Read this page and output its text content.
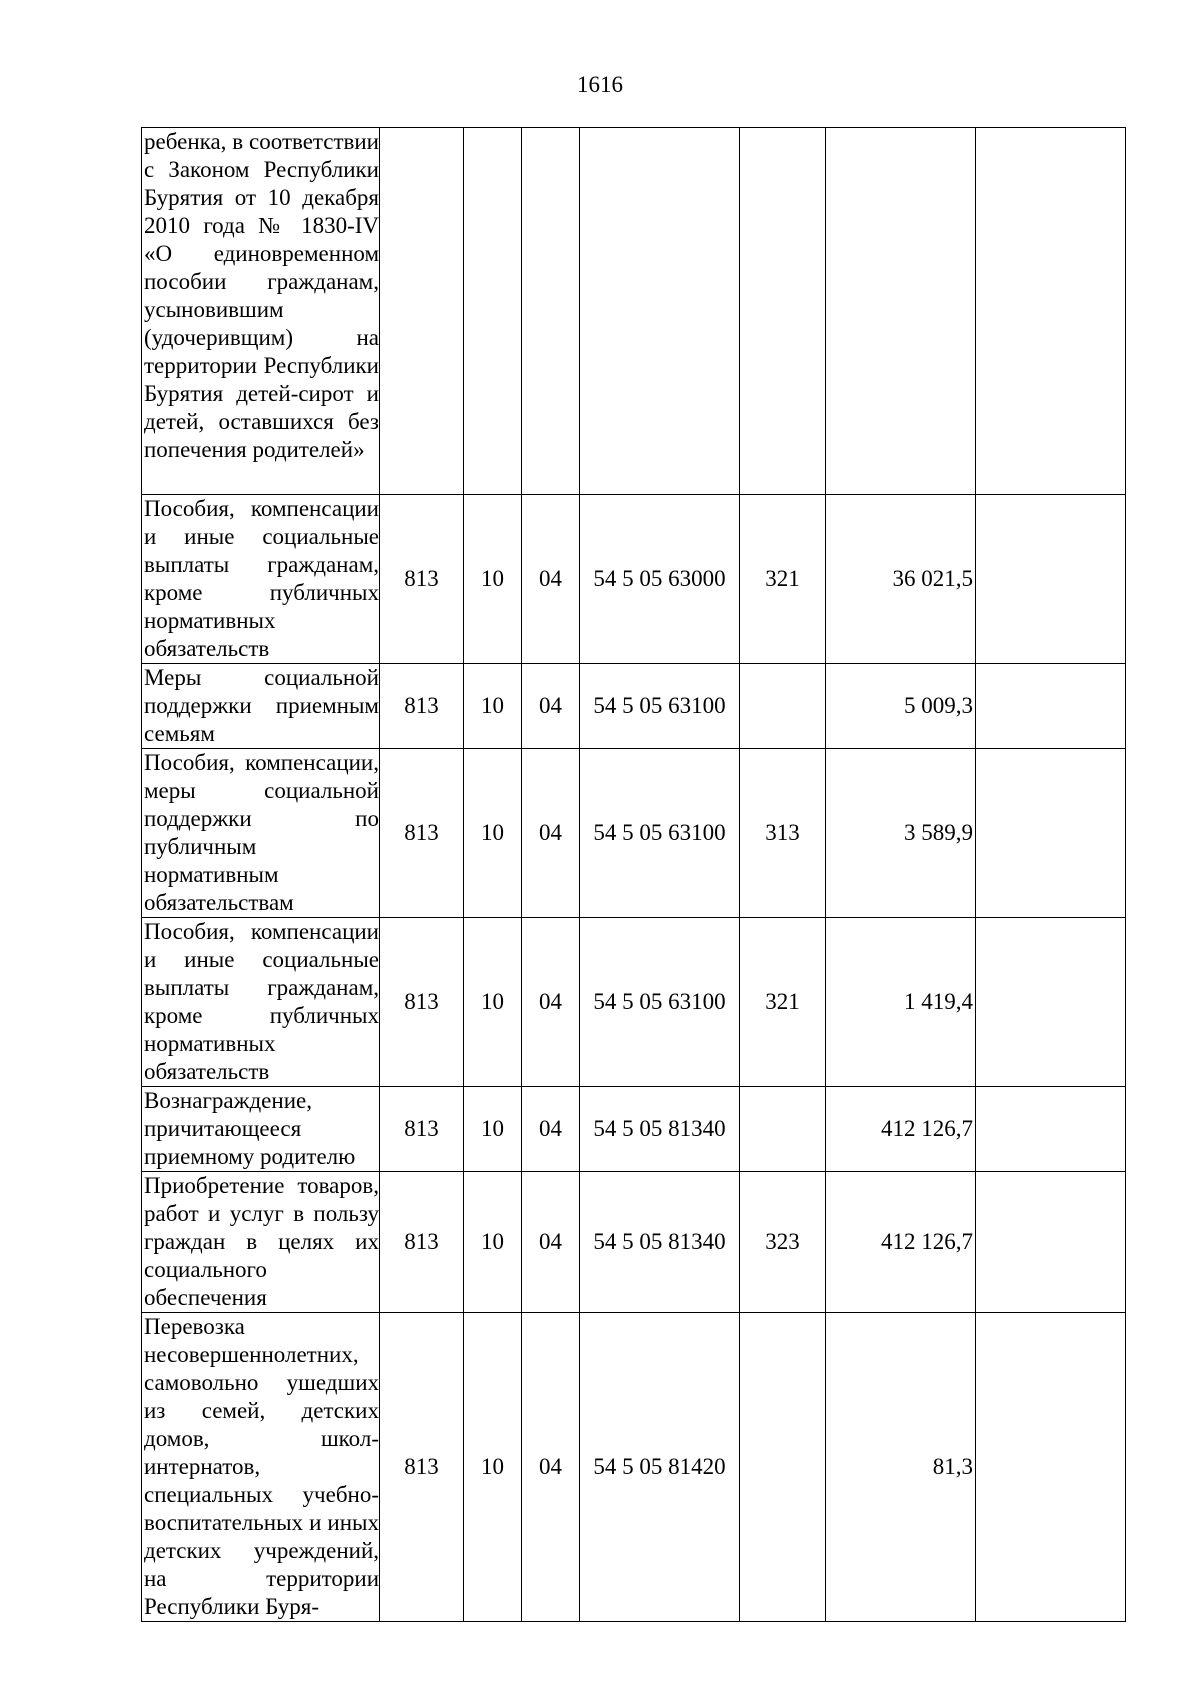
1616
ребенка, в соответствии с Законом Республики Бурятия от 10 декабря 2010 года № 1830-IV «О единовременном пособии гражданам, усыновившим (удочеривщим) на территории Республики Бурятия детей-сирот и детей, оставшихся без попечения родителей»							
Пособия, компенсации и иные социальные выплаты гражданам, кроме публичных нормативных обязательств	813	10	04	54 5 05 63000	321	36 021,5	
Меры социальной поддержки приемным семьям	813	10	04	54 5 05 63100		5 009,3	
Пособия, компенсации, меры социальной поддержки по публичным нормативным обязательствам	813	10	04	54 5 05 63100	313	3 589,9	
Пособия, компенсации и иные социальные выплаты гражданам, кроме публичных нормативных обязательств	813	10	04	54 5 05 63100	321	1 419,4	
Вознаграждение, причитающееся приемному родителю	813	10	04	54 5 05 81340		412 126,7	
Приобретение товаров, работ и услуг в пользу граждан в целях их социального обеспечения	813	10	04	54 5 05 81340	323	412 126,7	
Перевозка несовершеннолетних, самовольно ушедших из семей, детских домов, школ-интернатов, специальных учебно-воспитательных и иных детских учреждений, на территории Республики Буря-	813	10	04	54 5 05 81420		81,3	
